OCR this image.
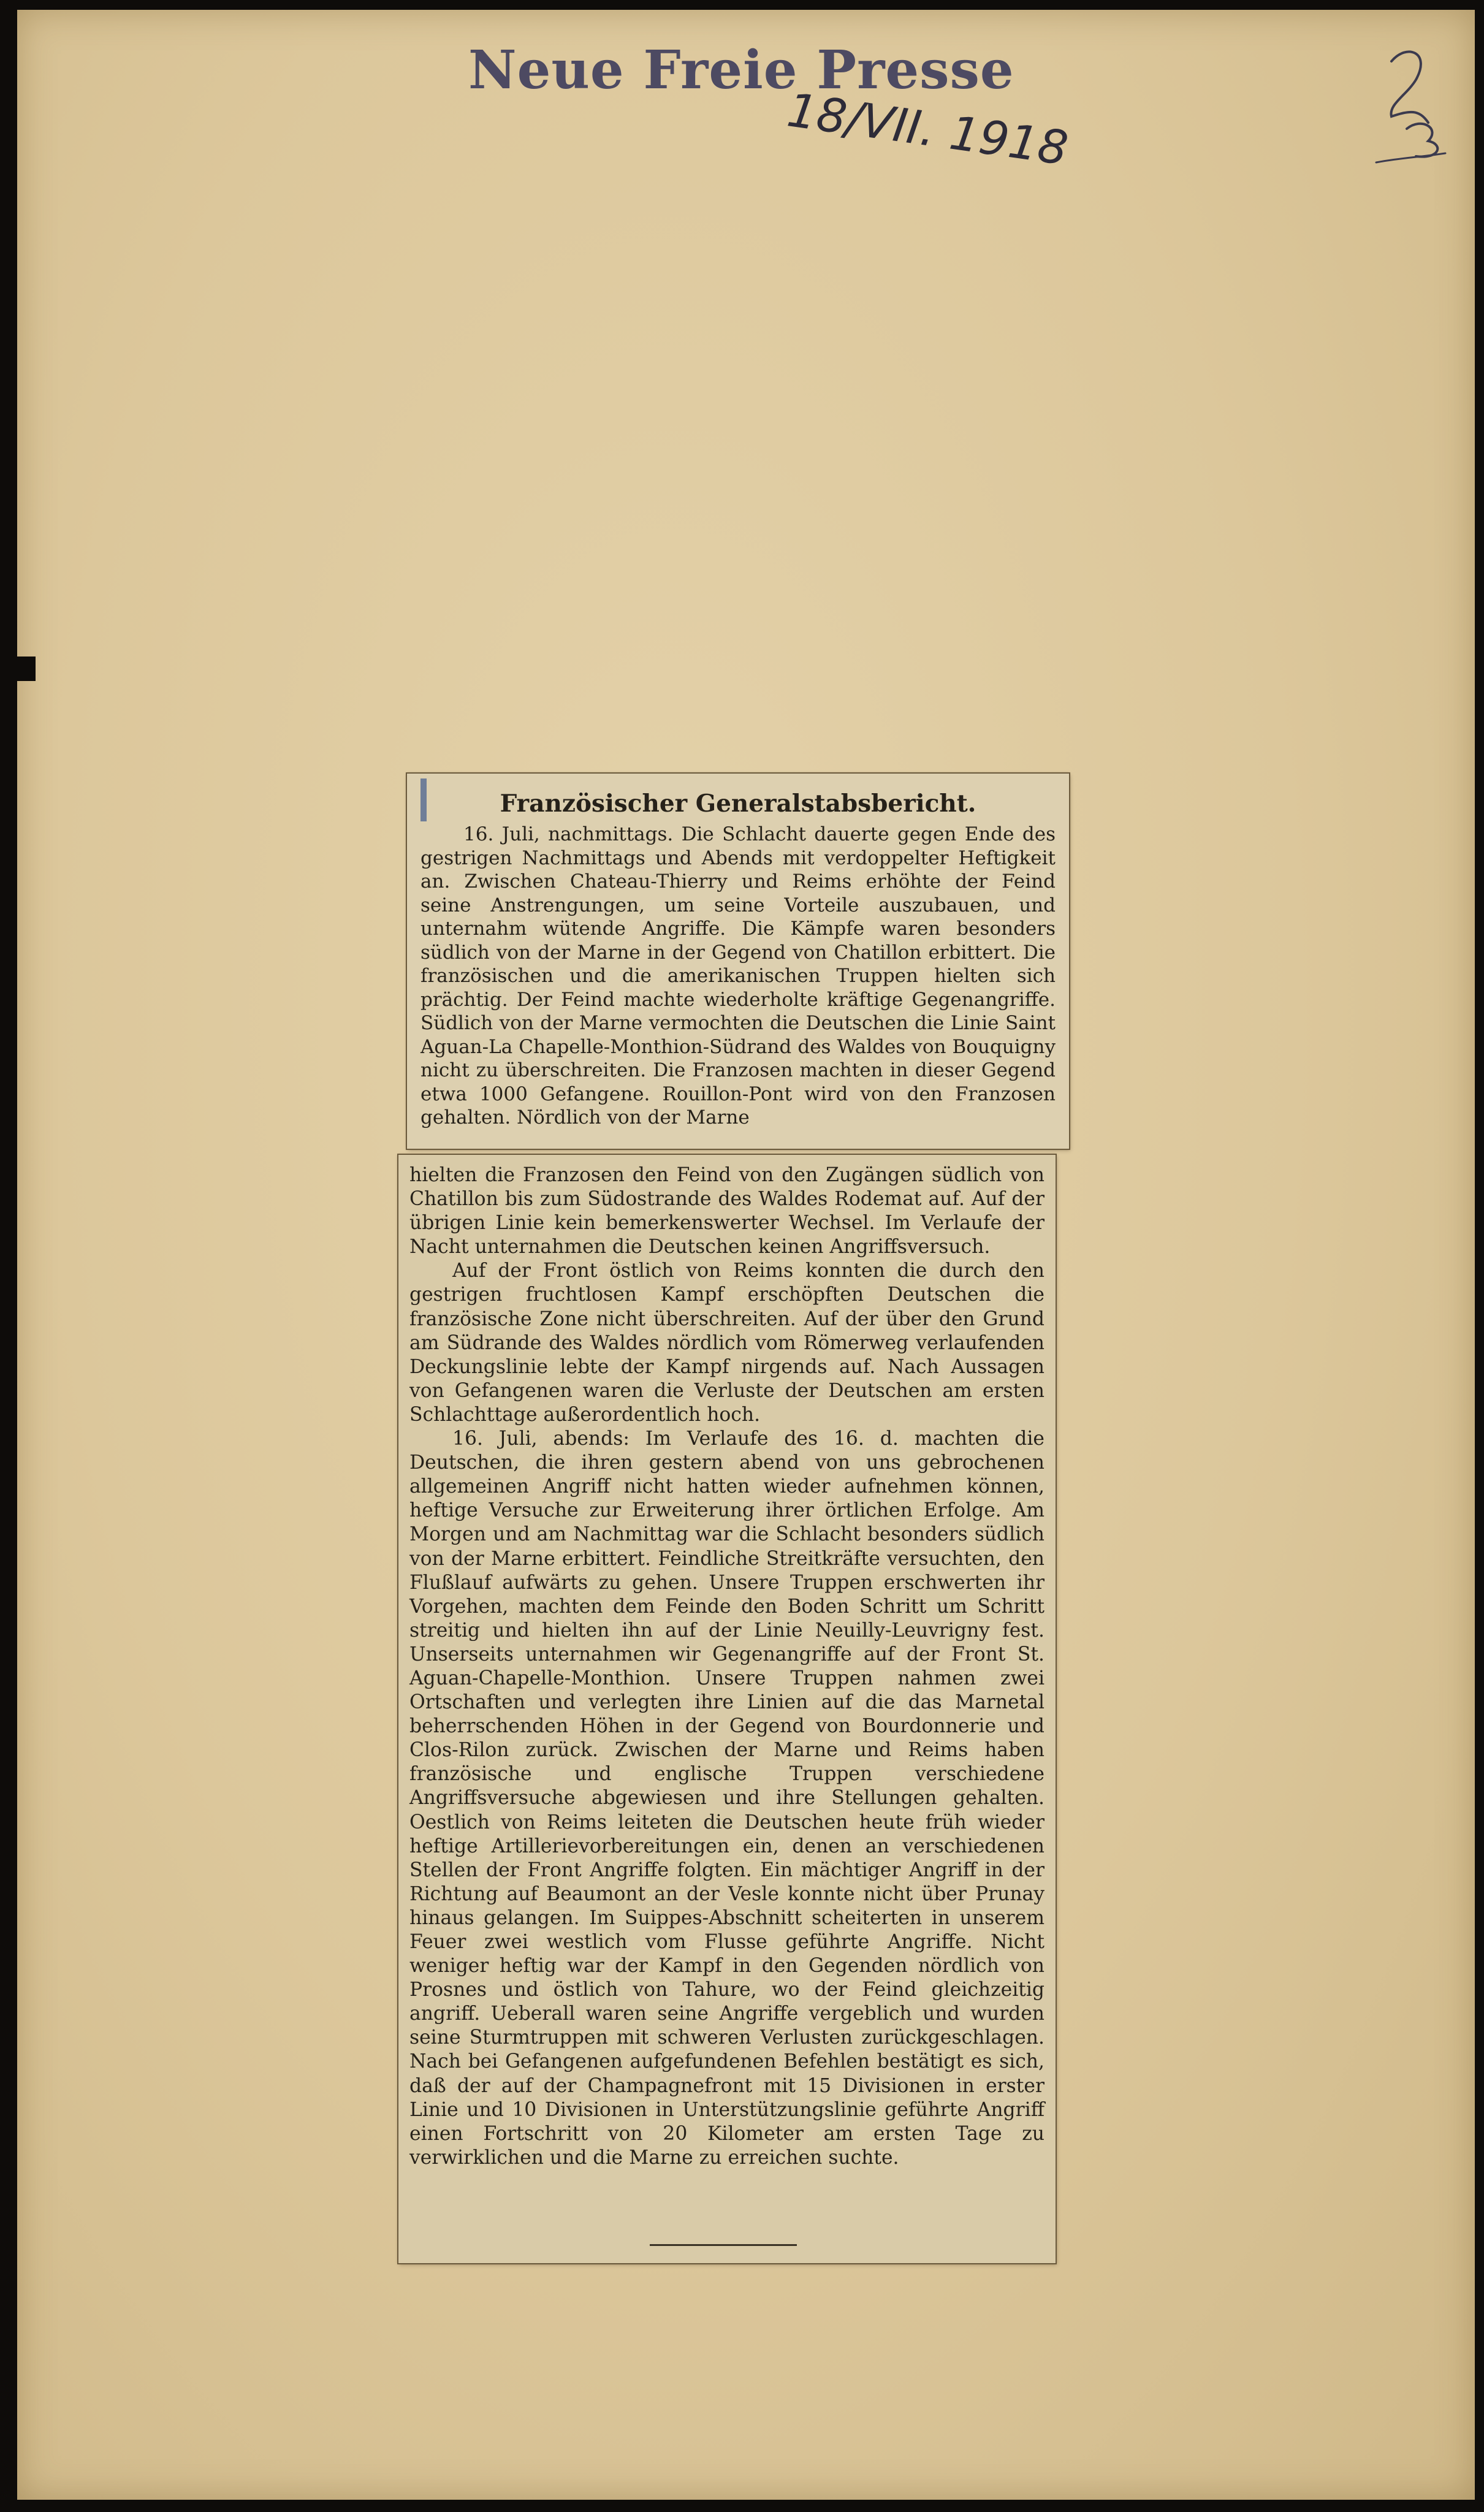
Neue Freie Presse
18/VII. 1918
Französischer Generalstabsbericht.

16. Juli, nachmittags. Die Schlacht dauerte gegen Ende des gestrigen Nachmittags und Abends mit verdoppelter Heftigkeit an. Zwischen Chateau-Thierry und Reims erhöhte der Feind seine Anstrengungen, um seine Vorteile auszubauen, und unternahm wütende Angriffe. Die Kämpfe waren besonders südlich von der Marne in der Gegend von Chatillon erbittert. Die französischen und die amerikanischen Truppen hielten sich prächtig. Der Feind machte wiederholte kräftige Gegenangriffe. Südlich von der Marne vermochten die Deutschen die Linie Saint Aguan-La Chapelle-Monthion-Südrand des Waldes von Bouquigny nicht zu überschreiten. Die Franzosen machten in dieser Gegend etwa 1000 Gefangene. Rouillon-Pont wird von den Franzosen gehalten. Nördlich von der Marne

hielten die Franzosen den Feind von den Zugängen südlich von Chatillon bis zum Südostrande des Waldes Rodemat auf. Auf der übrigen Linie kein bemerkenswerter Wechsel. Im Verlaufe der Nacht unternahmen die Deutschen keinen Angriffsversuch.

Auf der Front östlich von Reims konnten die durch den gestrigen fruchtlosen Kampf erschöpften Deutschen die französische Zone nicht überschreiten. Auf der über den Grund am Südrande des Waldes nördlich vom Römerweg verlaufenden Deckungslinie lebte der Kampf nirgends auf. Nach Aussagen von Gefangenen waren die Verluste der Deutschen am ersten Schlachttage außerordentlich hoch.

16. Juli, abends: Im Verlaufe des 16. d. machten die Deutschen, die ihren gestern abend von uns gebrochenen allgemeinen Angriff nicht hatten wieder aufnehmen können, heftige Versuche zur Erweiterung ihrer örtlichen Erfolge. Am Morgen und am Nachmittag war die Schlacht besonders südlich von der Marne erbittert. Feindliche Streitkräfte versuchten, den Flußlauf aufwärts zu gehen. Unsere Truppen erschwerten ihr Vorgehen, machten dem Feinde den Boden Schritt um Schritt streitig und hielten ihn auf der Linie Neuilly-Leuvrigny fest. Unserseits unternahmen wir Gegenangriffe auf der Front St. Aguan-Chapelle-Monthion. Unsere Truppen nahmen zwei Ortschaften und verlegten ihre Linien auf die das Marnetal beherrschenden Höhen in der Gegend von Bourdonnerie und Clos-Rilon zurück. Zwischen der Marne und Reims haben französische und englische Truppen verschiedene Angriffsversuche abgewiesen und ihre Stellungen gehalten. Oestlich von Reims leiteten die Deutschen heute früh wieder heftige Artillerievorbereitungen ein, denen an verschiedenen Stellen der Front Angriffe folgten. Ein mächtiger Angriff in der Richtung auf Beaumont an der Vesle konnte nicht über Prunay hinaus gelangen. Im Suippes-Abschnitt scheiterten in unserem Feuer zwei westlich vom Flusse geführte Angriffe. Nicht weniger heftig war der Kampf in den Gegenden nördlich von Prosnes und östlich von Tahure, wo der Feind gleichzeitig angriff. Ueberall waren seine Angriffe vergeblich und wurden seine Sturmtruppen mit schweren Verlusten zurückgeschlagen. Nach bei Gefangenen aufgefundenen Befehlen bestätigt es sich, daß der auf der Champagnefront mit 15 Divisionen in erster Linie und 10 Divisionen in Unterstützungslinie geführte Angriff einen Fortschritt von 20 Kilometer am ersten Tage zu verwirklichen und die Marne zu erreichen suchte.
